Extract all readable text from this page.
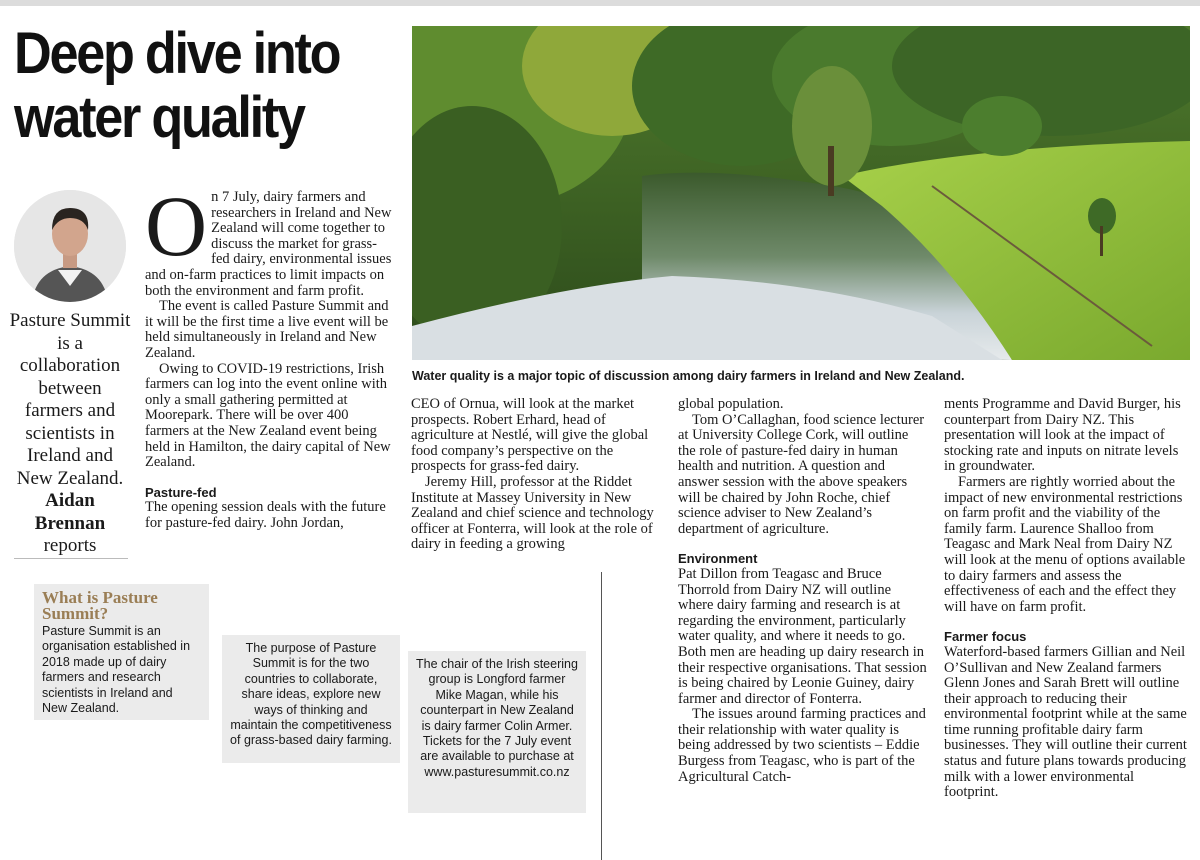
Deep dive into water quality
Water quality is a major topic of discussion among dairy farmers in Ireland and New Zealand.

Pasture Summit is a collaboration between farmers and scientists in Ireland and New Zealand.

Aidan Brennan
reports
O n 7 July, dairy farmers and researchers in Ireland and New Zealand will come together to discuss the market for grass-fed dairy, environmental issues and on-farm practices to limit impacts on both the environment and farm profit.

The event is called Pasture Summit and it will be the first time a live event will be held simultaneously in Ireland and New Zealand.

Owing to COVID-19 restrictions, Irish farmers can log into the event online with only a small gathering permitted at Moorepark. There will be over 400 farmers at the New Zealand event being held in Hamilton, the dairy capital of New Zealand.

Pasture-fed

The opening session deals with the future for pasture-fed dairy. John Jordan,

CEO of Ornua, will look at the market prospects. Robert Erhard, head of agriculture at Nestlé, will give the global food company’s perspective on the prospects for grass-fed dairy.

Jeremy Hill, professor at the Riddet Institute at Massey University in New Zealand and chief science and technology officer at Fonterra, will look at the role of dairy in feeding a growing

global population.

Tom O’Callaghan, food science lecturer at University College Cork, will outline the role of pasture-fed dairy in human health and nutrition. A question and answer session with the above speakers will be chaired by John Roche, chief science adviser to New Zealand’s department of agriculture.

Environment

Pat Dillon from Teagasc and Bruce Thorrold from Dairy NZ will outline where dairy farming and research is at regarding the environment, particularly water quality, and where it needs to go. Both men are heading up dairy research in their respective organisations. That session is being chaired by Leonie Guiney, dairy farmer and director of Fonterra.

The issues around farming practices and their relationship with water quality is being addressed by two scientists – Eddie Burgess from Teagasc, who is part of the Agricultural Catch-

ments Programme and David Burger, his counterpart from Dairy NZ. This presentation will look at the impact of stocking rate and inputs on nitrate levels in groundwater.

Farmers are rightly worried about the impact of new environmental restrictions on farm profit and the viability of the family farm. Laurence Shalloo from Teagasc and Mark Neal from Dairy NZ will look at the menu of options available to dairy farmers and assess the effectiveness of each and the effect they will have on farm profit.

Farmer focus

Waterford-based farmers Gillian and Neil O’Sullivan and New Zealand farmers Glenn Jones and Sarah Brett will outline their approach to reducing their environmental footprint while at the same time running profitable dairy farm businesses. They will outline their current status and future plans towards producing milk with a lower environmental footprint.

What is Pasture Summit?

Pasture Summit is an organisation established in 2018 made up of dairy farmers and research scientists in Ireland and New Zealand.

The purpose of Pasture Summit is for the two countries to collaborate, share ideas, explore new ways of thinking and maintain the competitiveness of grass-based dairy farming.

The chair of the Irish steering group is Longford farmer Mike Magan, while his counterpart in New Zealand is dairy farmer Colin Armer.

Tickets for the 7 July event are available to purchase at

www.pasturesummit.co.nz
